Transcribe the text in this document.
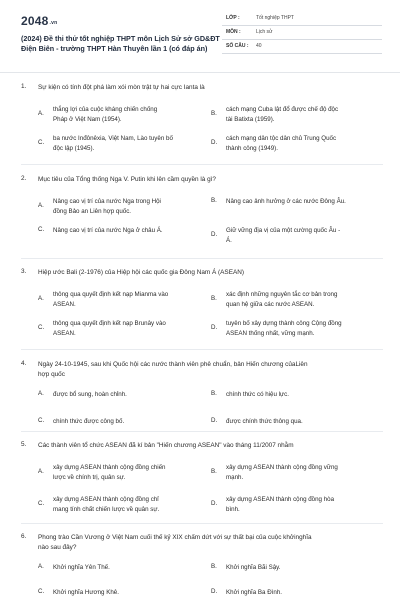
2048.vn
(2024) Đề thi thử tốt nghiệp THPT môn Lịch Sử sở GD&ĐT
Điện Biên - trường THPT Hàn Thuyên lần 1 (có đáp án)
LỚP :	Tốt nghiệp THPT
MÔN :	Lịch sử
SỐ CÂU : 40
1. Sự kiện có tính đột phá làm xói mòn trật tự hai cực Ianta là
A.
thắng lợi của cuộc kháng chiến chống
Pháp ở Việt Nam (1954).
B.
cách mạng Cuba lật đổ được chế độ độc
tài Batixta (1959).
C.
ba nước Inđônêxia, Việt Nam, Lào tuyên bố
độc lập (1945).
D.
cách mạng dân tộc dân chủ Trung Quốc
thành công (1949).
2. Mục tiêu của Tổng thống Nga V. Putin khi lên cầm quyền là gì?
A.
Nâng cao vị trí của nước Nga trong Hội
đồng Bảo an Liên hợp quốc.
B. Nâng cao ảnh hưởng ở các nước Đông Âu.
C. Nâng cao vị trí của nước Nga ở châu Á.
D.
Giữ vững địa vị của một cường quốc Âu -
Á.
3. Hiệp ước Bali (2-1976) của Hiệp hội các quốc gia Đông Nam Á (ASEAN)
A.
thông qua quyết định kết nạp Mianma vào
ASEAN.
B.
xác định những nguyên tắc cơ bản trong
quan hệ giữa các nước ASEAN.
C.
thông qua quyết định kết nạp Brunây vào
ASEAN.
D.
tuyên bố xây dựng thành công Cộng đồng
ASEAN thống nhất, vững mạnh.
4. Ngày 24-10-1945, sau khi Quốc hội các nước thành viên phê chuẩn, bản Hiến chương củaLiên
hợp quốc
A. được bổ sung, hoàn chỉnh.	B. chính thức có hiệu lực.
C. chính thức được công bố.	D. được chính thức thông qua.
5. Các thành viên tổ chức ASEAN đã kí bản "Hiến chương ASEAN" vào tháng 11/2007 nhằm
A.
xây dựng ASEAN thành cộng đồng chiến
lược về chính trị, quân sự.
B.
xây dựng ASEAN thành cộng đồng vững
mạnh.
C.
xây dựng ASEAN thành cộng đồng chỉ
mang tính chất chiến lược về quân sự.
D.
xây dựng ASEAN thành cộng đồng hòa
bình.
6. Phong trào Cần Vương ở Việt Nam cuối thế kỷ XIX chấm dứt với sự thất bại của cuộc khởinghĩa
nào sau đây?
A. Khởi nghĩa Yên Thế.	B. Khởi nghĩa Bãi Sậy.
C. Khởi nghĩa Hương Khê.	D. Khởi nghĩa Ba Đình.
